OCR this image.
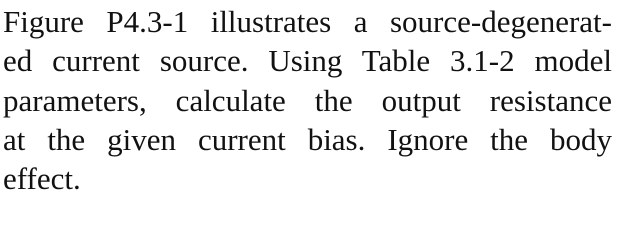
Figure P4.3-1 illustrates a source-degenerat-
ed current source. Using Table 3.1-2 model
parameters, calculate the output resistance
at the given current bias. Ignore the body
effect.
